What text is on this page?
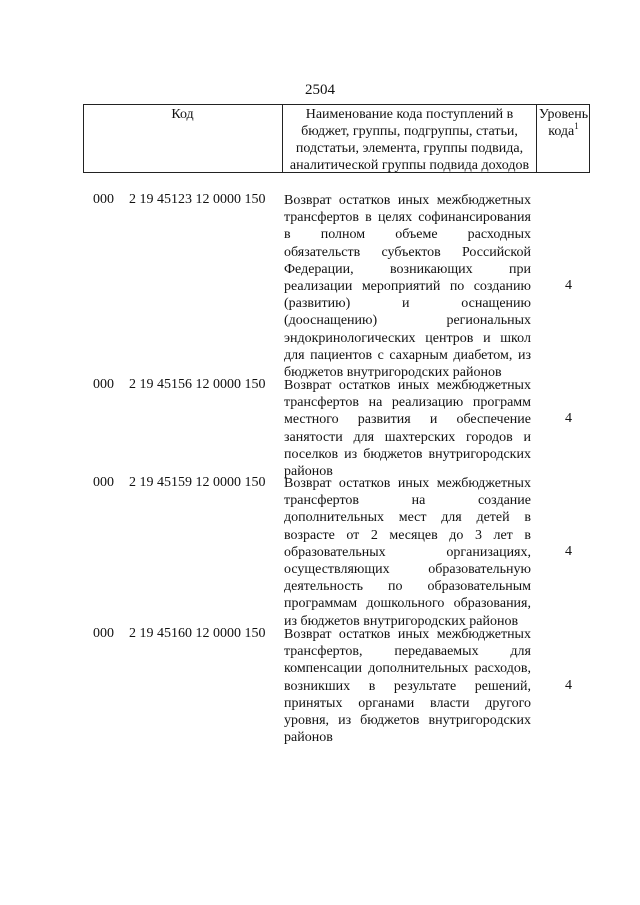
2504
Код	Наименование кода поступлений в
бюджет, группы, подгруппы, статьи,
подстатьи, элемента, группы подвида,
аналитической группы подвида доходов
Уровень
кода$^1$
000 2 19 45123 12 0000 150 Возврат остатков иных межбюджетных
трансфертов в целях софинансирования
в полном объеме расходных
обязательств субъектов Российской
Федерации,	возникающих	при
реализации мероприятий по созданию
(развитию)	и	оснащению
(дооснащению)	региональных
эндокринологических центров и школ
для пациентов с сахарным диабетом, из
бюджетов внутригородских районов
4
000 2 19 45156 12 0000 150 Возврат остатков иных межбюджетных
трансфертов на реализацию программ
местного развития и обеспечение
занятости для шахтерских городов и
поселков из бюджетов внутригородских
районов
4
000 2 19 45159 12 0000 150 Возврат остатков иных межбюджетных
трансфертов	на	создание
дополнительных мест для детей в
возрасте от 2 месяцев до 3 лет в
образовательных	организациях,
осуществляющих	образовательную
деятельность по образовательным
программам дошкольного образования,
из бюджетов внутригородских районов
4
000 2 19 45160 12 0000 150 Возврат остатков иных межбюджетных
трансфертов, передаваемых для
компенсации дополнительных расходов,
возникших в результате решений,
принятых органами власти другого
уровня, из бюджетов внутригородских
районов
4
